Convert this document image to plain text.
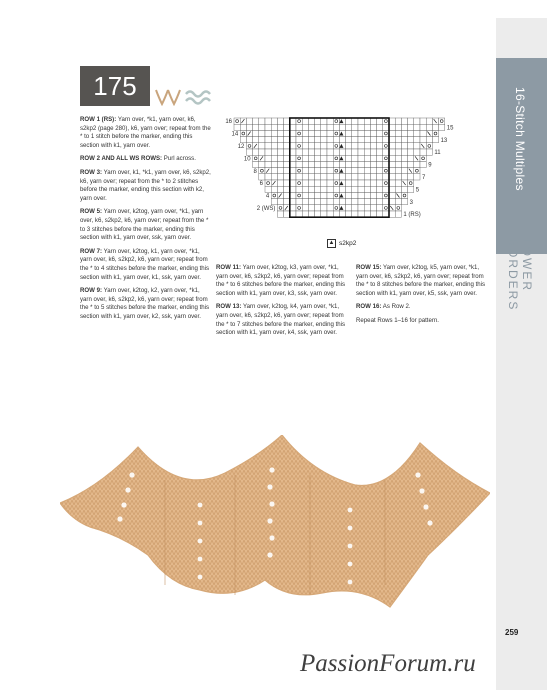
16-Stitch Multiples
LOWER BORDERS
175

ROW 1 (RS): Yarn over, *k1, yarn over, k6, s2kp2 (page 280), k6, yarn over; repeat from the * to 1 stitch before the marker, ending this section with k1, yarn over.

ROW 2 AND ALL WS ROWS: Purl across.

ROW 3: Yarn over, k1, *k1, yarn over, k6, s2kp2, k6, yarn over; repeat from the * to 2 stitches before the marker, ending this section with k2, yarn over.

ROW 5: Yarn over, k2tog, yarn over, *k1, yarn over, k6, s2kp2, k6, yarn over; repeat from the * to 3 stitches before the marker, ending this section with k1, yarn over, ssk, yarn over.

ROW 7: Yarn over, k2tog, k1, yarn over, *k1, yarn over, k6, s2kp2, k6, yarn over; repeat from the * to 4 stitches before the marker, ending this section with k1, yarn over, k1, ssk, yarn over.

ROW 9: Yarn over, k2tog, k2, yarn over, *k1, yarn over, k6, s2kp2, k6, yarn over; repeat from the * to 5 stitches before the marker, ending this section with k1, yarn over, k2, ssk, yarn over.

16
14
12
10
8
6
4
2 (WS)
15
13
11
9
7
5
3
1 (RS)
▲ s2kp2

ROW 11: Yarn over, k2tog, k3, yarn over, *k1, yarn over, k6, s2kp2, k6, yarn over; repeat from the * to 6 stitches before the marker, ending this section with k1, yarn over, k3, ssk, yarn over.

ROW 13: Yarn over, k2tog, k4, yarn over, *k1, yarn over, k6, s2kp2, k6, yarn over; repeat from the * to 7 stitches before the marker, ending this section with k1, yarn over, k4, ssk, yarn over.

ROW 15: Yarn over, k2tog, k5, yarn over, *k1, yarn over, k6, s2kp2, k6, yarn over; repeat from the * to 8 stitches before the marker, ending this section with k1, yarn over, k5, ssk, yarn over.

ROW 16: As Row 2.

Repeat Rows 1–16 for pattern.

259
PassionForum.ru
